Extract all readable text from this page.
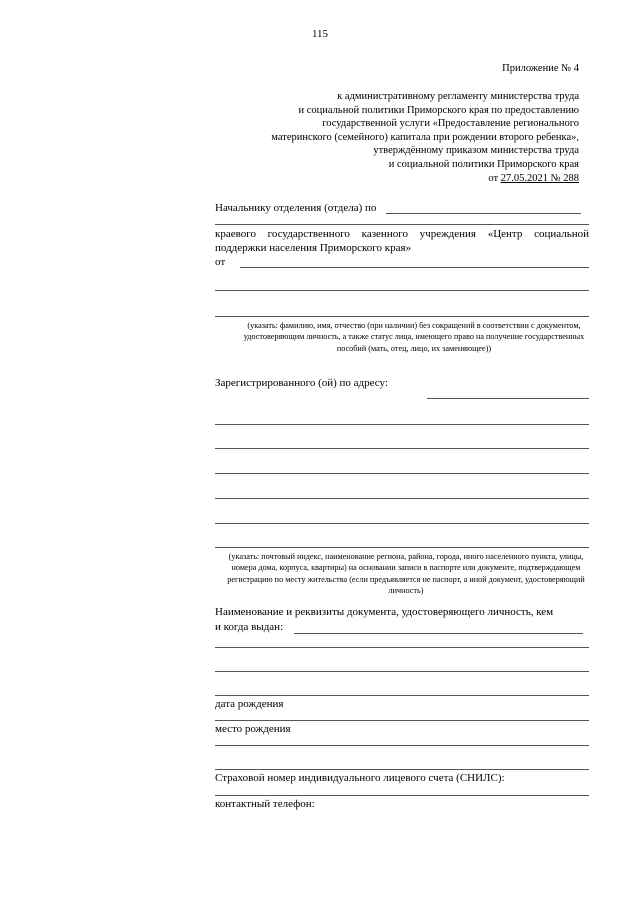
115
Приложение № 4
к административному регламенту министерства труда
и социальной политики Приморского края по предоставлению
государственной услуги «Предоставление регионального
материнского (семейного) капитала при рождении второго ребенка»,
утверждённому приказом министерства труда
и социальной политики Приморского края
от 27.05.2021 № 288
Начальнику отделения (отдела) по
краевого государственного казенного учреждения «Центр социальной
поддержки населения Приморского края»
от
(указать: фамилию, имя, отчество (при наличии) без сокращений в соответствии с документом, удостоверяющим личность, а также статус лица, имеющего право на получение государственных пособий (мать, отец, лицо, их заменяющее))
Зарегистрированного (ой) по адресу:
(указать: почтовый индекс, наименование региона, района, города, иного населенного пункта, улицы, номера дома, корпуса, квартиры) на основании записи в паспорте или документе, подтверждающем регистрацию по месту жительства (если предъявляется не паспорт, а иной документ, удостоверяющий личность)
Наименование и реквизиты документа, удостоверяющего личность, кем
и когда выдан:
дата рождения
место рождения
Страховой номер индивидуального лицевого счета (СНИЛС):
контактный телефон:
